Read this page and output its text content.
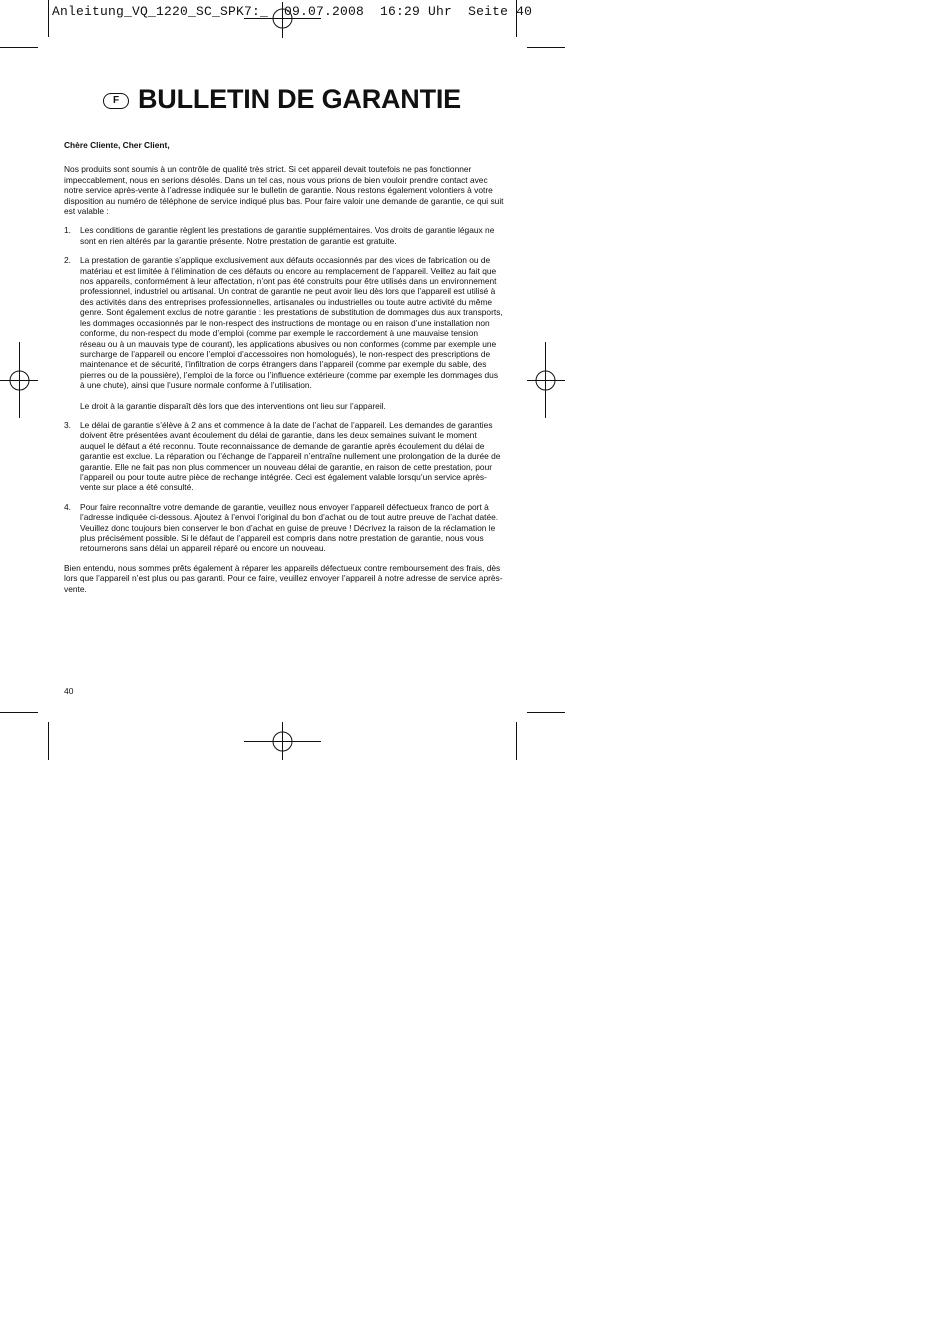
Anleitung_VQ_1220_SC_SPK7:_  09.07.2008  16:29 Uhr  Seite 40
F BULLETIN DE GARANTIE

Chère Cliente, Cher Client,

Nos produits sont soumis à un contrôle de qualité très strict. Si cet appareil devait toutefois ne pas fonctionner impeccablement, nous en serions désolés. Dans un tel cas, nous vous prions de bien vouloir prendre contact avec notre service après-vente à l’adresse indiquée sur le bulletin de garantie. Nous restons également volontiers à votre disposition au numéro de téléphone de service indiqué plus bas. Pour faire valoir une demande de garantie, ce qui suit est valable :

1. Les conditions de garantie règlent les prestations de garantie supplémentaires. Vos droits de garantie légaux ne sont en rien altérés par la garantie présente. Notre prestation de garantie est gratuite.

2. La prestation de garantie s’applique exclusivement aux défauts occasionnés par des vices de fabrication ou de matériau et est limitée à l’élimination de ces défauts ou encore au remplacement de l’appareil. Veillez au fait que nos appareils, conformément à leur affectation, n’ont pas été construits pour être utilisés dans un environnement professionnel, industriel ou artisanal. Un contrat de garantie ne peut avoir lieu dès lors que l’appareil est utilisé à des activités dans des entreprises professionnelles, artisanales ou industrielles ou toute autre activité du même genre. Sont également exclus de notre garantie : les prestations de substitution de dommages dus aux transports, les dommages occasionnés par le non-respect des instructions de montage ou en raison d’une installation non conforme, du non-respect du mode d’emploi (comme par exemple le raccordement à une mauvaise tension réseau ou à un mauvais type de courant), les applications abusives ou non conformes (comme par exemple une surcharge de l’appareil ou encore l’emploi d’accessoires non homologués), le non-respect des prescriptions de maintenance et de sécurité, l’infiltration de corps étrangers dans l’appareil (comme par exemple du sable, des pierres ou de la poussière), l’emploi de la force ou l’influence extérieure (comme par exemple les dommages dus à une chute), ainsi que l’usure normale conforme à l’utilisation.

Le droit à la garantie disparaît dès lors que des interventions ont lieu sur l’appareil.

3. Le délai de garantie s’élève à 2 ans et commence à la date de l’achat de l’appareil. Les demandes de garanties doivent être présentées avant écoulement du délai de garantie, dans les deux semaines suivant le moment auquel le défaut a été reconnu. Toute reconnaissance de demande de garantie après écoulement du délai de garantie est exclue. La réparation ou l’échange de l’appareil n’entraîne nullement une prolongation de la durée de garantie. Elle ne fait pas non plus commencer un nouveau délai de garantie, en raison de cette prestation, pour l’appareil ou pour toute autre pièce de rechange intégrée. Ceci est également valable lorsqu’un service après-vente sur place a été consulté.

4. Pour faire reconnaître votre demande de garantie, veuillez nous envoyer l’appareil défectueux franco de port à l’adresse indiquée ci-dessous. Ajoutez à l’envoi l’original du bon d’achat ou de tout autre preuve de l’achat datée. Veuillez donc toujours bien conserver le bon d’achat en guise de preuve ! Décrivez la raison de la réclamation le plus précisément possible. Si le défaut de l’appareil est compris dans notre prestation de garantie, nous vous retournerons sans délai un appareil réparé ou encore un nouveau.

Bien entendu, nous sommes prêts également à réparer les appareils défectueux contre remboursement des frais, dès lors que l’appareil n’est plus ou pas garanti. Pour ce faire, veuillez envoyer l’appareil à notre adresse de service après-vente.

40
